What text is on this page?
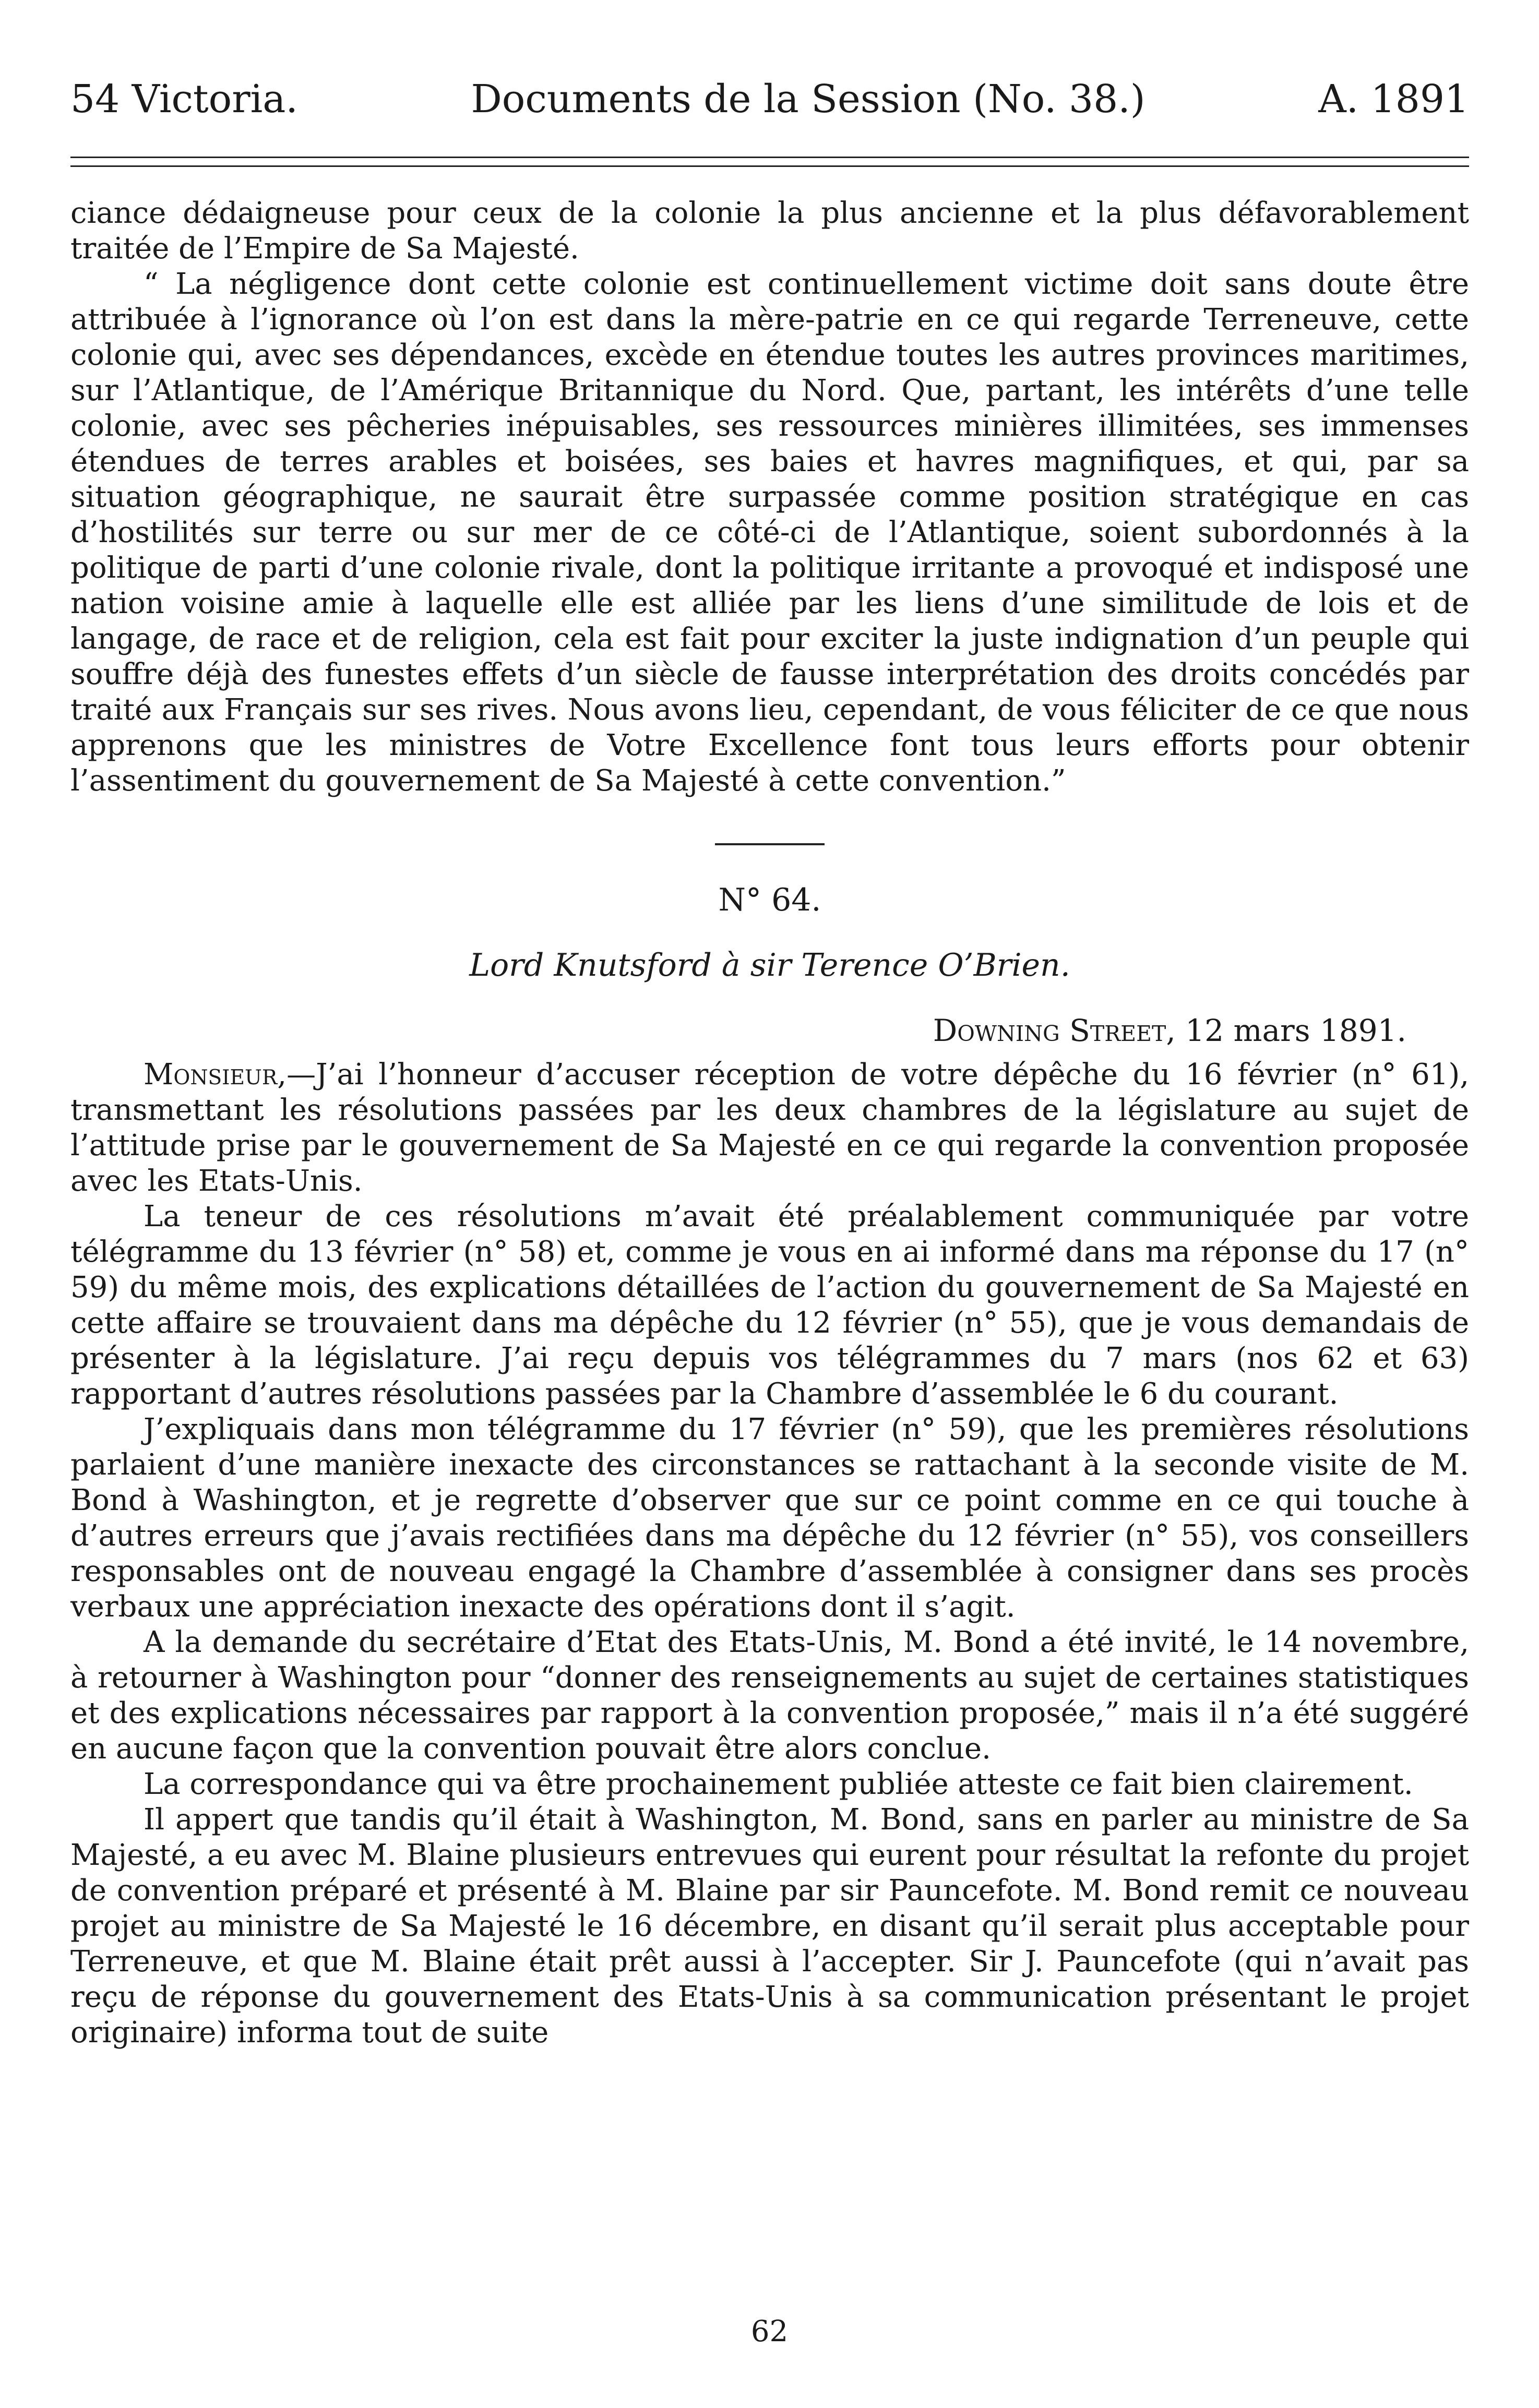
54 Victoria.	Documents de la Session (No. 38.)	A. 1891

ciance dédaigneuse pour ceux de la colonie la plus ancienne et la plus défavorablement traitée de l’Empire de Sa Majesté.

“ La négligence dont cette colonie est continuellement victime doit sans doute être attribuée à l’ignorance où l’on est dans la mère-patrie en ce qui regarde Terreneuve, cette colonie qui, avec ses dépendances, excède en étendue toutes les autres provinces maritimes, sur l’Atlantique, de l’Amérique Britannique du Nord. Que, partant, les intérêts d’une telle colonie, avec ses pêcheries inépuisables, ses ressources minières illimitées, ses immenses étendues de terres arables et boisées, ses baies et havres magnifiques, et qui, par sa situation géographique, ne saurait être surpassée comme position stratégique en cas d’hostilités sur terre ou sur mer de ce côté-ci de l’Atlantique, soient subordonnés à la politique de parti d’une colonie rivale, dont la politique irritante a provoqué et indisposé une nation voisine amie à laquelle elle est alliée par les liens d’une similitude de lois et de langage, de race et de religion, cela est fait pour exciter la juste indignation d’un peuple qui souffre déjà des funestes effets d’un siècle de fausse interprétation des droits concédés par traité aux Français sur ses rives. Nous avons lieu, cependant, de vous féliciter de ce que nous apprenons que les ministres de Votre Excellence font tous leurs efforts pour obtenir l’assentiment du gouvernement de Sa Majesté à cette convention.”

N° 64.
Lord Knutsford à sir Terence O’Brien.
Downing Street, 12 mars 1891.

Monsieur,—J’ai l’honneur d’accuser réception de votre dépêche du 16 février (n° 61), transmettant les résolutions passées par les deux chambres de la législature au sujet de l’attitude prise par le gouvernement de Sa Majesté en ce qui regarde la convention proposée avec les Etats-Unis.

La teneur de ces résolutions m’avait été préalablement communiquée par votre télégramme du 13 février (n° 58) et, comme je vous en ai informé dans ma réponse du 17 (n° 59) du même mois, des explications détaillées de l’action du gouvernement de Sa Majesté en cette affaire se trouvaient dans ma dépêche du 12 février (n° 55), que je vous demandais de présenter à la législature. J’ai reçu depuis vos télégrammes du 7 mars (nos 62 et 63) rapportant d’autres résolutions passées par la Chambre d’assemblée le 6 du courant.

J’expliquais dans mon télégramme du 17 février (n° 59), que les premières résolutions parlaient d’une manière inexacte des circonstances se rattachant à la seconde visite de M. Bond à Washington, et je regrette d’observer que sur ce point comme en ce qui touche à d’autres erreurs que j’avais rectifiées dans ma dépêche du 12 février (n° 55), vos conseillers responsables ont de nouveau engagé la Chambre d’assemblée à consigner dans ses procès verbaux une appréciation inexacte des opérations dont il s’agit.

A la demande du secrétaire d’Etat des Etats-Unis, M. Bond a été invité, le 14 novembre, à retourner à Washington pour “donner des renseignements au sujet de certaines statistiques et des explications nécessaires par rapport à la convention proposée,” mais il n’a été suggéré en aucune façon que la convention pouvait être alors conclue.

La correspondance qui va être prochainement publiée atteste ce fait bien clairement.

Il appert que tandis qu’il était à Washington, M. Bond, sans en parler au ministre de Sa Majesté, a eu avec M. Blaine plusieurs entrevues qui eurent pour résultat la refonte du projet de convention préparé et présenté à M. Blaine par sir Pauncefote. M. Bond remit ce nouveau projet au ministre de Sa Majesté le 16 décembre, en disant qu’il serait plus acceptable pour Terreneuve, et que M. Blaine était prêt aussi à l’accepter. Sir J. Pauncefote (qui n’avait pas reçu de réponse du gouvernement des Etats-Unis à sa communication présentant le projet originaire) informa tout de suite

62
